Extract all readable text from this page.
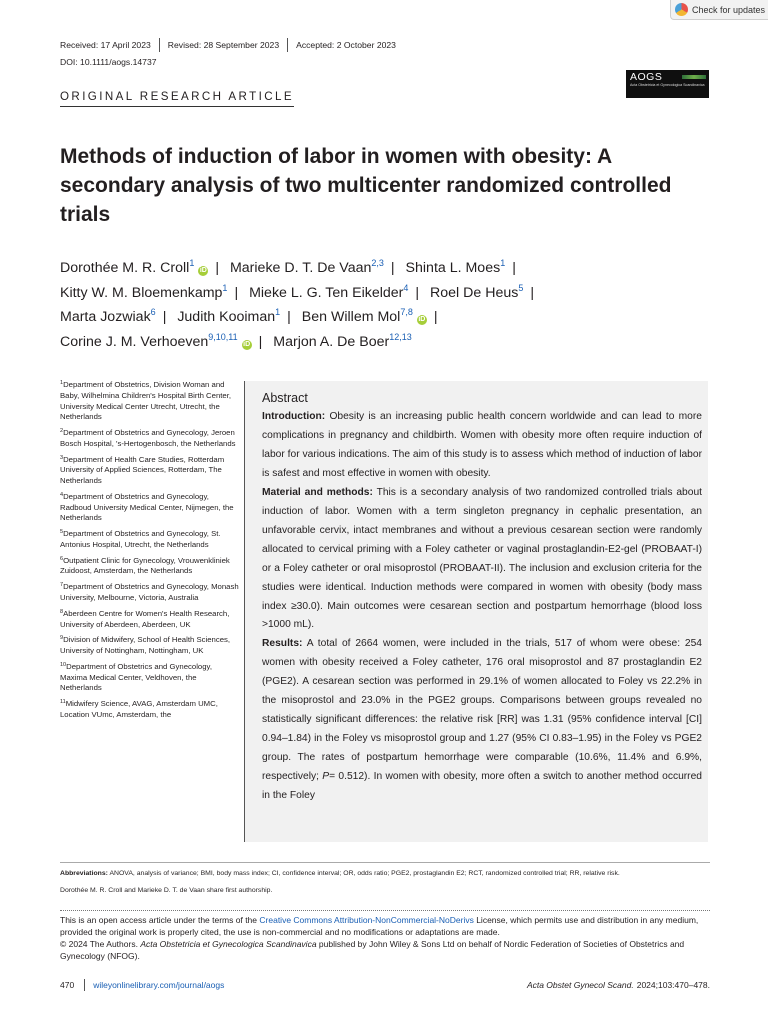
Check for updates
Received: 17 April 2023 Revised: 28 September 2023 Accepted: 2 October 2023
DOI: 10.1111/aogs.14737
ORIGINAL RESEARCH ARTICLE
AOGS
Acta Obstetricia et Gynecologica Scandinavica
Methods of induction of labor in women with obesity: A secondary analysis of two multicenter randomized controlled trials
Dorothée M. R. Croll$^1$iD | Marieke D. T. De Vaan$^{2,3}$ | Shinta L. Moes$^1$ |
Kitty W. M. Bloemenkamp$^1$ | Mieke L. G. Ten Eikelder$^4$ | Roel De Heus$^5$ |
Marta Jozwiak$^6$ | Judith Kooiman$^1$ | Ben Willem Mol$^{7,8}$iD |
Corine J. M. Verhoeven$^{9,10,11}$iD | Marjon A. De Boer$^{12,13}$
$^1$Department of Obstetrics, Division Woman and Baby, Wilhelmina Children's Hospital Birth Center, University Medical Center Utrecht, Utrecht, the Netherlands
$^2$Department of Obstetrics and Gynecology, Jeroen Bosch Hospital, 's-Hertogenbosch, the Netherlands
$^3$Department of Health Care Studies, Rotterdam University of Applied Sciences, Rotterdam, The Netherlands
$^4$Department of Obstetrics and Gynecology, Radboud University Medical Center, Nijmegen, the Netherlands
$^5$Department of Obstetrics and Gynecology, St. Antonius Hospital, Utrecht, the Netherlands
$^6$Outpatient Clinic for Gynecology, Vrouwenkliniek Zuidoost, Amsterdam, the Netherlands
$^7$Department of Obstetrics and Gynecology, Monash University, Melbourne, Victoria, Australia
$^8$Aberdeen Centre for Women's Health Research, University of Aberdeen, Aberdeen, UK
$^9$Division of Midwifery, School of Health Sciences, University of Nottingham, Nottingham, UK
$^{10}$Department of Obstetrics and Gynecology, Maxima Medical Center, Veldhoven, the Netherlands
$^{11}$Midwifery Science, AVAG, Amsterdam UMC, Location VUmc, Amsterdam, the
Abstract

Introduction: Obesity is an increasing public health concern worldwide and can lead to more complications in pregnancy and childbirth. Women with obesity more often require induction of labor for various indications. The aim of this study is to assess which method of induction of labor is safest and most effective in women with obesity.

Material and methods: This is a secondary analysis of two randomized controlled trials about induction of labor. Women with a term singleton pregnancy in cephalic presentation, an unfavorable cervix, intact membranes and without a previous cesarean section were randomly allocated to cervical priming with a Foley catheter or vaginal prostaglandin-E2-gel (PROBAAT-I) or a Foley catheter or oral misoprostol (PROBAAT-II). The inclusion and exclusion criteria for the studies were identical. Induction methods were compared in women with obesity (body mass index ≥30.0). Main outcomes were cesarean section and postpartum hemorrhage (blood loss >1000 mL).

Results: A total of 2664 women, were included in the trials, 517 of whom were obese: 254 women with obesity received a Foley catheter, 176 oral misoprostol and 87 prostaglandin E2 (PGE2). A cesarean section was performed in 29.1% of women allocated to Foley vs 22.2% in the misoprostol and 23.0% in the PGE2 groups. Comparisons between groups revealed no statistically significant differences: the relative risk [RR] was 1.31 (95% confidence interval [CI] 0.94–1.84) in the Foley vs misoprostol group and 1.27 (95% CI 0.83–1.95) in the Foley vs PGE2 group. The rates of postpartum hemorrhage were comparable (10.6%, 11.4% and 6.9%, respectively; P= 0.512). In women with obesity, more often a switch to another method occurred in the Foley

Abbreviations: ANOVA, analysis of variance; BMI, body mass index; CI, confidence interval; OR, odds ratio; PGE2, prostaglandin E2; RCT, randomized controlled trial; RR, relative risk.
Dorothée M. R. Croll and Marieke D. T. de Vaan share first authorship.
This is an open access article under the terms of the Creative Commons Attribution-NonCommercial-NoDerivs License, which permits use and distribution in any medium, provided the original work is properly cited, the use is non-commercial and no modifications or adaptations are made.
© 2024 The Authors. Acta Obstetricia et Gynecologica Scandinavica published by John Wiley & Sons Ltd on behalf of Nordic Federation of Societies of Obstetrics and Gynecology (NFOG).
470 wileyonlinelibrary.com/journal/aogs	Acta Obstet Gynecol Scand. 2024;103:470–478.
